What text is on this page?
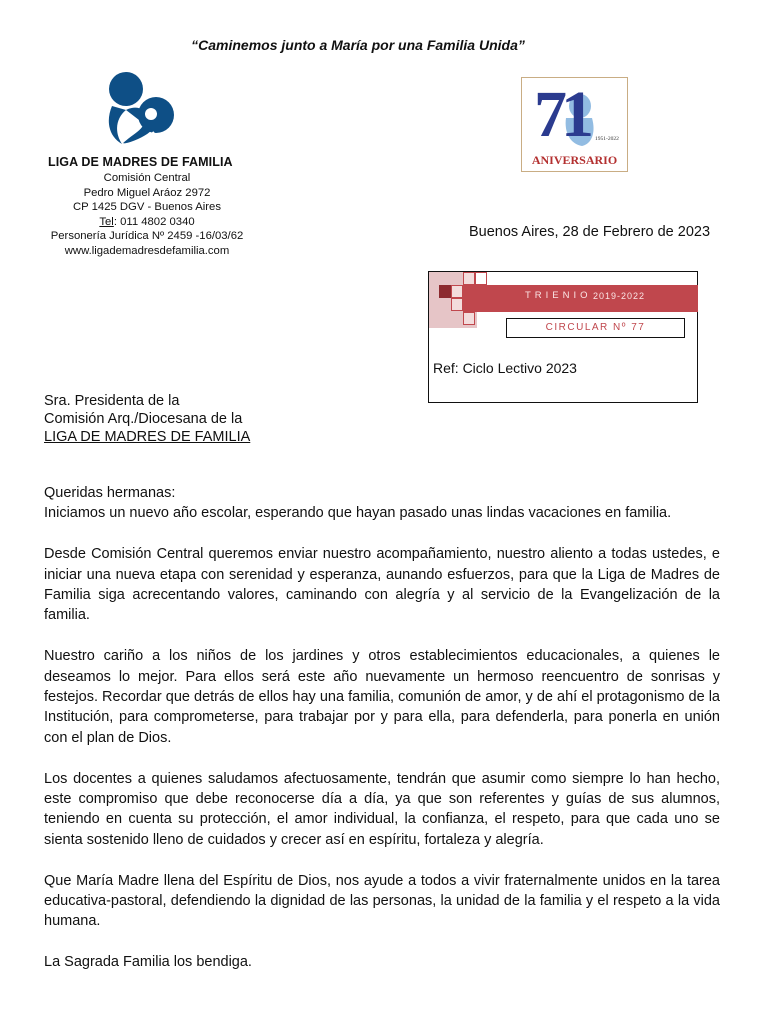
“Caminemos junto a María por una Familia Unida”
LIGA DE MADRES DE FAMILIA
Comisión Central
Pedro Miguel Aráoz 2972
CP 1425 DGV - Buenos Aires
Tel: 011 4802 0340
Personería Jurídica Nº 2459 -16/03/62
www.ligademadresdefamilia.com
71 1951-2022
ANIVERSARIO
Buenos Aires, 28 de Febrero de 2023
TRIENIO 2019-2022
CIRCULAR Nº 77
Ref: Ciclo Lectivo 2023
Sra. Presidenta de la
Comisión Arq./Diocesana de la
LIGA DE MADRES DE FAMILIA

Queridas hermanas:

Iniciamos un nuevo año escolar, esperando que hayan pasado unas lindas vacaciones en familia.

Desde Comisión Central queremos enviar nuestro acompañamiento, nuestro aliento a todas ustedes, e iniciar una nueva etapa con serenidad y esperanza, aunando esfuerzos, para que la Liga de Madres de Familia siga acrecentando valores, caminando con alegría y al servicio de la Evangelización de la familia.

Nuestro cariño a los niños de los jardines y otros establecimientos educacionales, a quienes le deseamos lo mejor. Para ellos será este año nuevamente un hermoso reencuentro de sonrisas y festejos. Recordar que detrás de ellos hay una familia, comunión de amor, y de ahí el protagonismo de la Institución, para comprometerse, para trabajar por y para ella, para defenderla, para ponerla en unión con el plan de Dios.

Los docentes a quienes saludamos afectuosamente, tendrán que asumir como siempre lo han hecho, este compromiso que debe reconocerse día a día, ya que son referentes y guías de sus alumnos, teniendo en cuenta su protección, el amor individual, la confianza, el respeto, para que cada uno se sienta sostenido lleno de cuidados y crecer así en espíritu, fortaleza y alegría.

Que María Madre llena del Espíritu de Dios, nos ayude a todos a vivir fraternalmente unidos en la tarea educativa-pastoral, defendiendo la dignidad de las personas, la unidad de la familia y el respeto a la vida humana.

La Sagrada Familia los bendiga.
